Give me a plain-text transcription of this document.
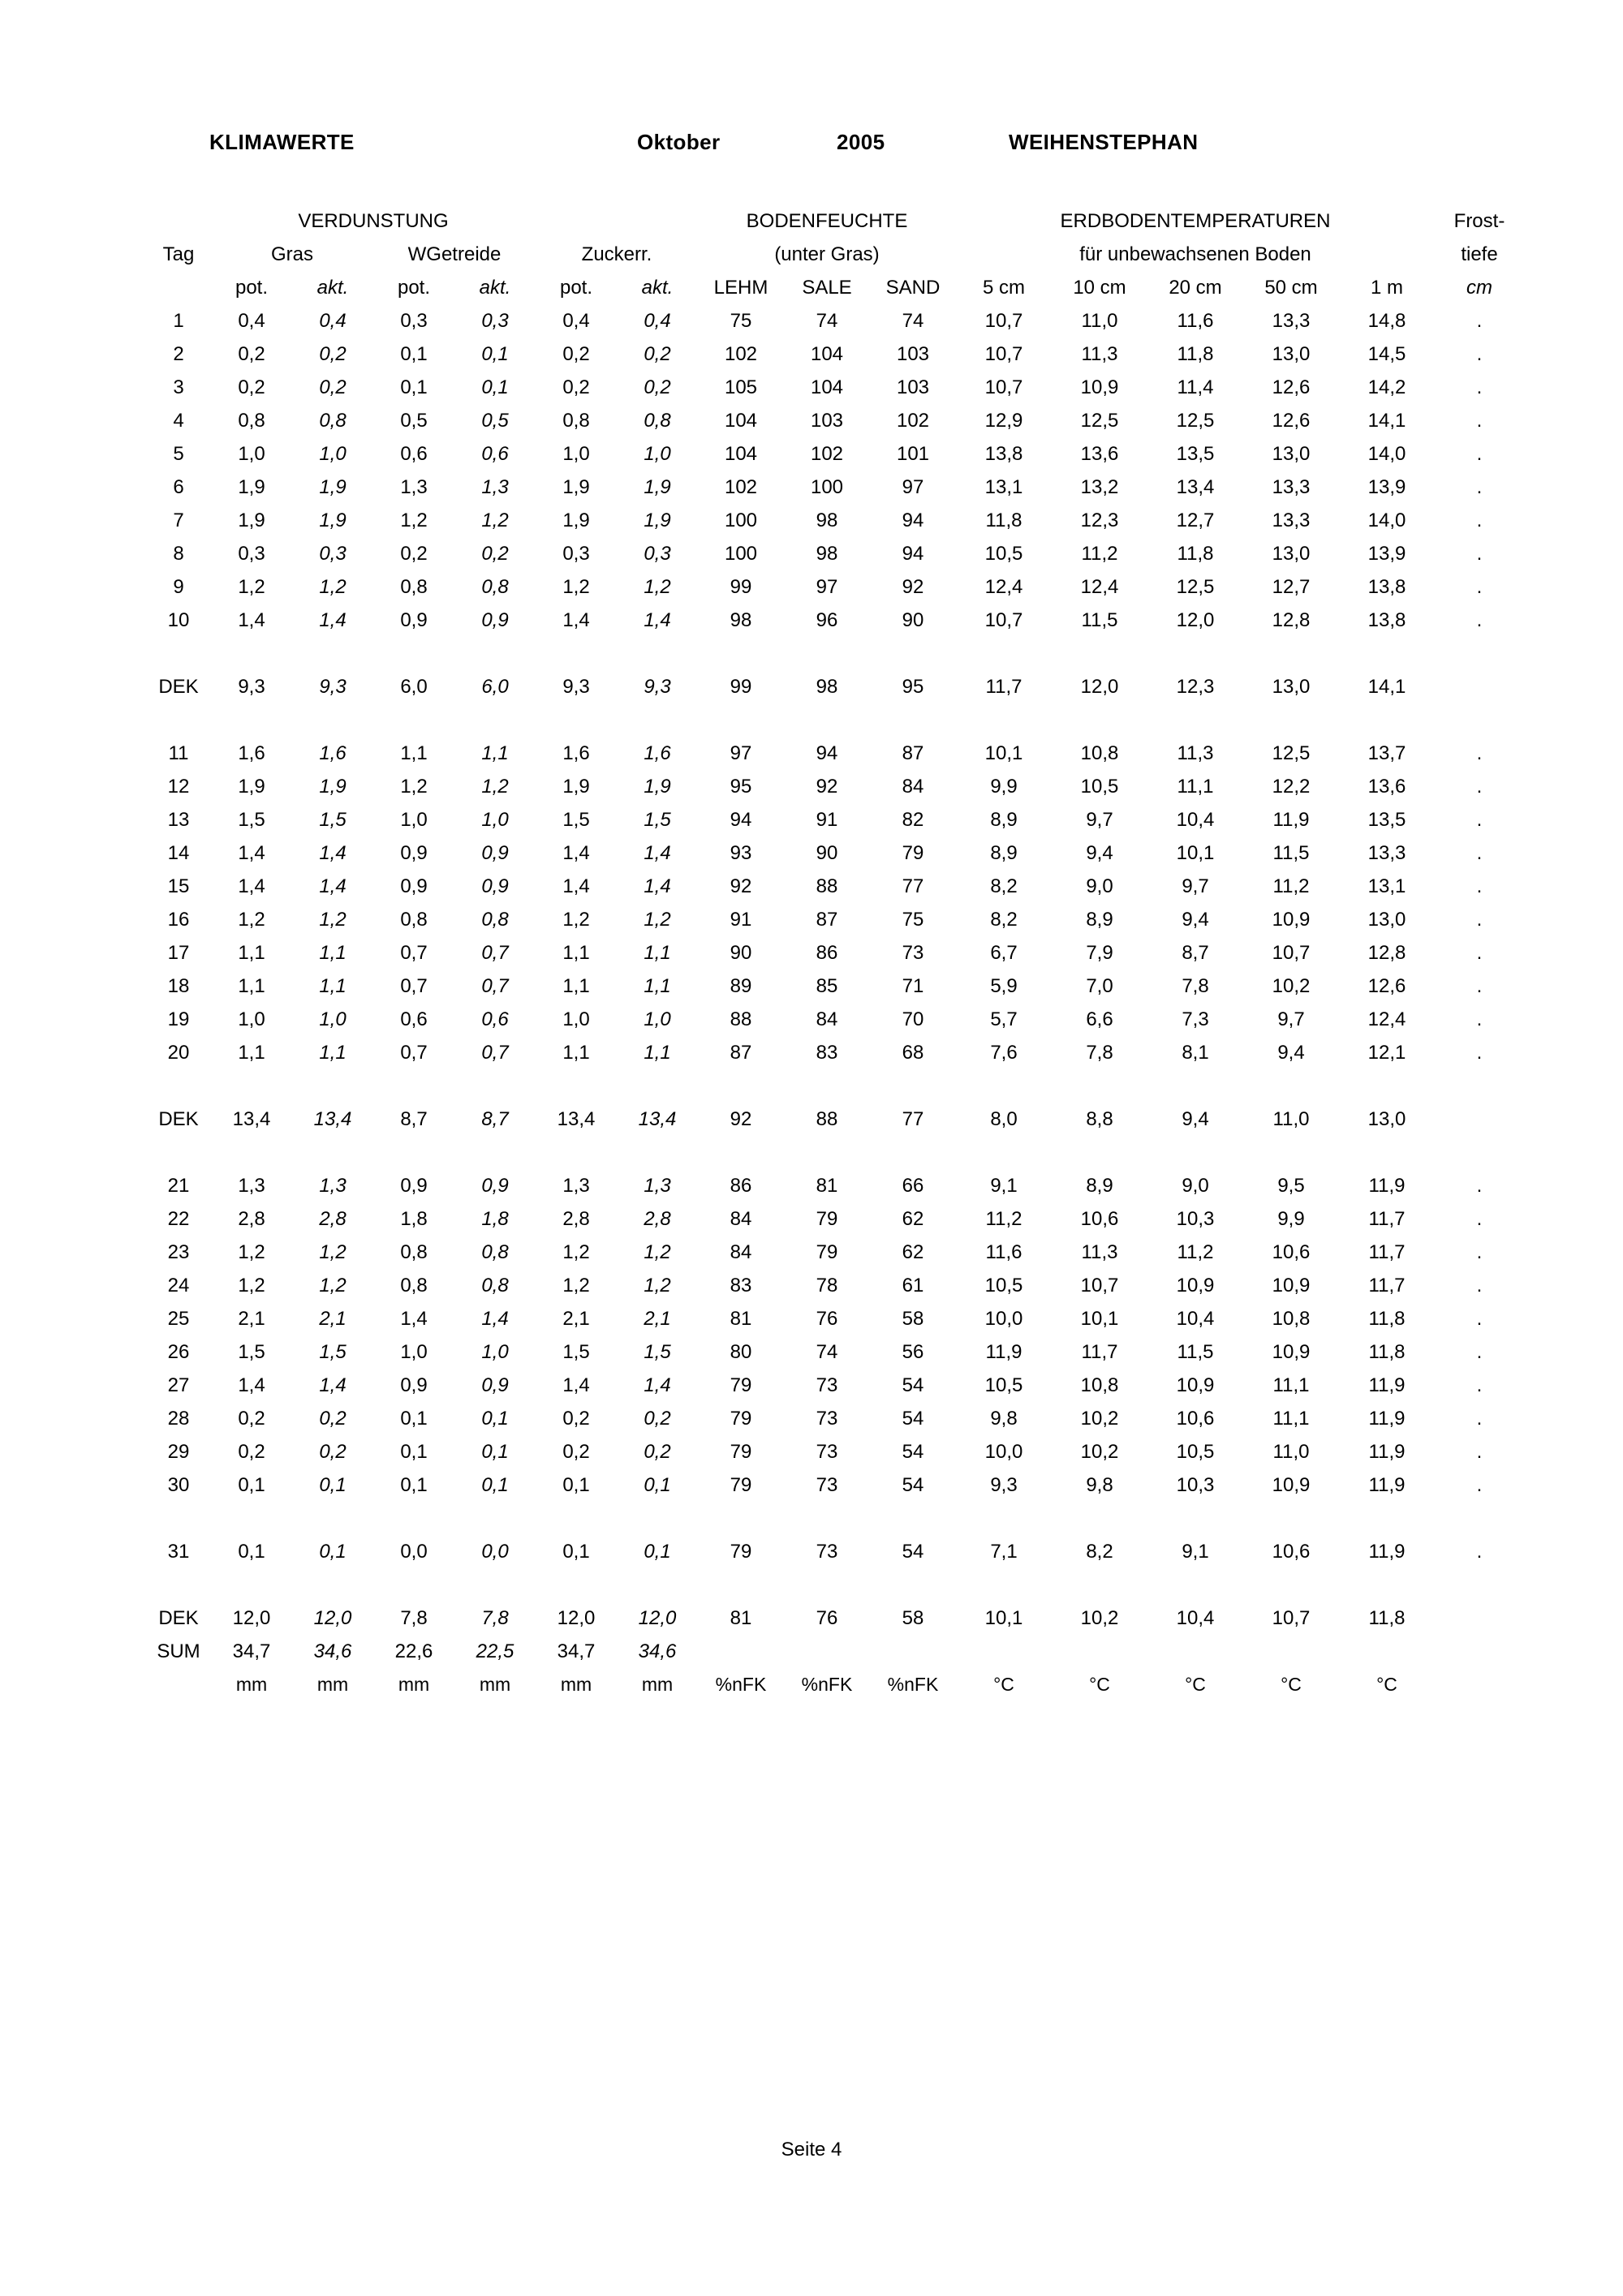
KLIMAWERTE	Oktober	2005	WEIHENSTEPHAN
	VERDUNSTUNG						BODENFEUCHTE			ERDBODENTEMPERATUREN					Frost-
Tag	Gras		WGetreide		Zuckerr.		(unter Gras)			für unbewachsenen Boden					tiefe
	pot.	akt.	pot.	akt.	pot.	akt.	LEHM	SALE	SAND	5 cm	10 cm	20 cm	50 cm	1 m	cm
1	0,4	0,4	0,3	0,3	0,4	0,4	75	74	74	10,7	11,0	11,6	13,3	14,8	.
2	0,2	0,2	0,1	0,1	0,2	0,2	102	104	103	10,7	11,3	11,8	13,0	14,5	.
3	0,2	0,2	0,1	0,1	0,2	0,2	105	104	103	10,7	10,9	11,4	12,6	14,2	.
4	0,8	0,8	0,5	0,5	0,8	0,8	104	103	102	12,9	12,5	12,5	12,6	14,1	.
5	1,0	1,0	0,6	0,6	1,0	1,0	104	102	101	13,8	13,6	13,5	13,0	14,0	.
6	1,9	1,9	1,3	1,3	1,9	1,9	102	100	97	13,1	13,2	13,4	13,3	13,9	.
7	1,9	1,9	1,2	1,2	1,9	1,9	100	98	94	11,8	12,3	12,7	13,3	14,0	.
8	0,3	0,3	0,2	0,2	0,3	0,3	100	98	94	10,5	11,2	11,8	13,0	13,9	.
9	1,2	1,2	0,8	0,8	1,2	1,2	99	97	92	12,4	12,4	12,5	12,7	13,8	.
10	1,4	1,4	0,9	0,9	1,4	1,4	98	96	90	10,7	11,5	12,0	12,8	13,8	.

DEK	9,3	9,3	6,0	6,0	9,3	9,3	99	98	95	11,7	12,0	12,3	13,0	14,1	

11	1,6	1,6	1,1	1,1	1,6	1,6	97	94	87	10,1	10,8	11,3	12,5	13,7	.
12	1,9	1,9	1,2	1,2	1,9	1,9	95	92	84	9,9	10,5	11,1	12,2	13,6	.
13	1,5	1,5	1,0	1,0	1,5	1,5	94	91	82	8,9	9,7	10,4	11,9	13,5	.
14	1,4	1,4	0,9	0,9	1,4	1,4	93	90	79	8,9	9,4	10,1	11,5	13,3	.
15	1,4	1,4	0,9	0,9	1,4	1,4	92	88	77	8,2	9,0	9,7	11,2	13,1	.
16	1,2	1,2	0,8	0,8	1,2	1,2	91	87	75	8,2	8,9	9,4	10,9	13,0	.
17	1,1	1,1	0,7	0,7	1,1	1,1	90	86	73	6,7	7,9	8,7	10,7	12,8	.
18	1,1	1,1	0,7	0,7	1,1	1,1	89	85	71	5,9	7,0	7,8	10,2	12,6	.
19	1,0	1,0	0,6	0,6	1,0	1,0	88	84	70	5,7	6,6	7,3	9,7	12,4	.
20	1,1	1,1	0,7	0,7	1,1	1,1	87	83	68	7,6	7,8	8,1	9,4	12,1	.

DEK	13,4	13,4	8,7	8,7	13,4	13,4	92	88	77	8,0	8,8	9,4	11,0	13,0	

21	1,3	1,3	0,9	0,9	1,3	1,3	86	81	66	9,1	8,9	9,0	9,5	11,9	.
22	2,8	2,8	1,8	1,8	2,8	2,8	84	79	62	11,2	10,6	10,3	9,9	11,7	.
23	1,2	1,2	0,8	0,8	1,2	1,2	84	79	62	11,6	11,3	11,2	10,6	11,7	.
24	1,2	1,2	0,8	0,8	1,2	1,2	83	78	61	10,5	10,7	10,9	10,9	11,7	.
25	2,1	2,1	1,4	1,4	2,1	2,1	81	76	58	10,0	10,1	10,4	10,8	11,8	.
26	1,5	1,5	1,0	1,0	1,5	1,5	80	74	56	11,9	11,7	11,5	10,9	11,8	.
27	1,4	1,4	0,9	0,9	1,4	1,4	79	73	54	10,5	10,8	10,9	11,1	11,9	.
28	0,2	0,2	0,1	0,1	0,2	0,2	79	73	54	9,8	10,2	10,6	11,1	11,9	.
29	0,2	0,2	0,1	0,1	0,2	0,2	79	73	54	10,0	10,2	10,5	11,0	11,9	.
30	0,1	0,1	0,1	0,1	0,1	0,1	79	73	54	9,3	9,8	10,3	10,9	11,9	.

31	0,1	0,1	0,0	0,0	0,1	0,1	79	73	54	7,1	8,2	9,1	10,6	11,9	.

DEK	12,0	12,0	7,8	7,8	12,0	12,0	81	76	58	10,1	10,2	10,4	10,7	11,8	
SUM	34,7	34,6	22,6	22,5	34,7	34,6									
	mm	mm	mm	mm	mm	mm	%nFK	%nFK	%nFK	°C	°C	°C	°C	°C	
Seite 4
